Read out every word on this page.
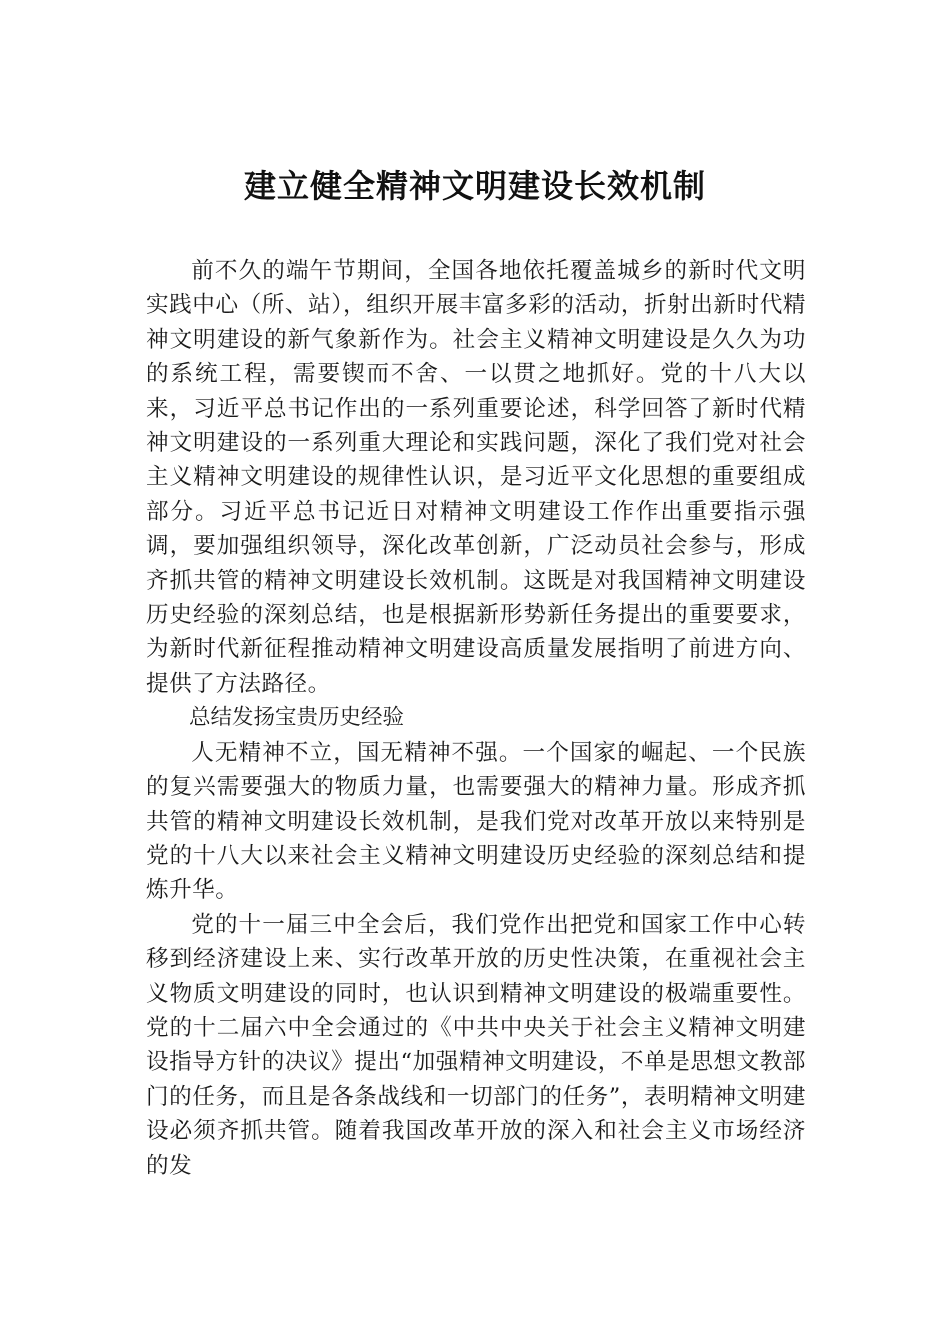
建立健全精神文明建设长效机制

前不久的端午节期间，全国各地依托覆盖城乡的新时代文明实践中心（所、站），组织开展丰富多彩的活动，折射出新时代精神文明建设的新气象新作为。社会主义精神文明建设是久久为功的系统工程，需要锲而不舍、一以贯之地抓好。党的十八大以来，习近平总书记作出的一系列重要论述，科学回答了新时代精神文明建设的一系列重大理论和实践问题，深化了我们党对社会主义精神文明建设的规律性认识，是习近平文化思想的重要组成部分。习近平总书记近日对精神文明建设工作作出重要指示强调，要加强组织领导，深化改革创新，广泛动员社会参与，形成齐抓共管的精神文明建设长效机制。这既是对我国精神文明建设历史经验的深刻总结，也是根据新形势新任务提出的重要要求，为新时代新征程推动精神文明建设高质量发展指明了前进方向、提供了方法路径。

总结发扬宝贵历史经验

人无精神不立，国无精神不强。一个国家的崛起、一个民族的复兴需要强大的物质力量，也需要强大的精神力量。形成齐抓共管的精神文明建设长效机制，是我们党对改革开放以来特别是党的十八大以来社会主义精神文明建设历史经验的深刻总结和提炼升华。

党的十一届三中全会后，我们党作出把党和国家工作中心转移到经济建设上来、实行改革开放的历史性决策，在重视社会主义物质文明建设的同时，也认识到精神文明建设的极端重要性。党的十二届六中全会通过的《中共中央关于社会主义精神文明建设指导方针的决议》提出“加强精神文明建设，不单是思想文教部门的任务，而且是各条战线和一切部门的任务”，表明精神文明建设必须齐抓共管。随着我国改革开放的深入和社会主义市场经济的发
